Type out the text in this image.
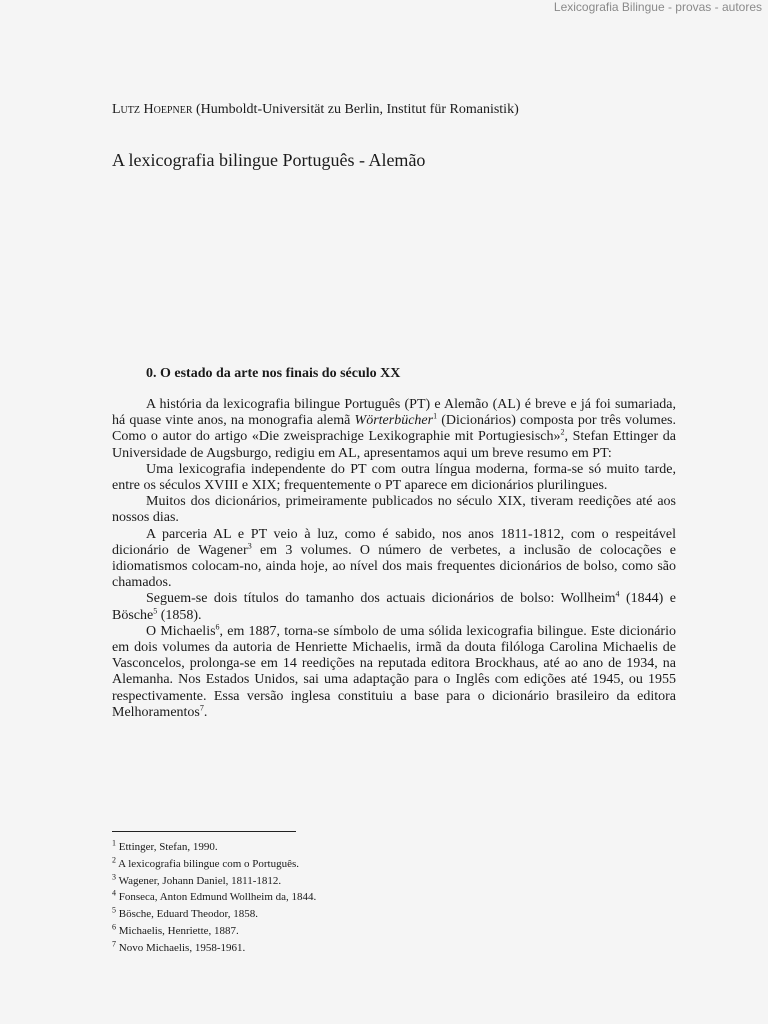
Lexicografia Bilingue - provas - autores
Lutz Hoepner (Humboldt-Universität zu Berlin, Institut für Romanistik)
A lexicografia bilingue Português - Alemão
0. O estado da arte nos finais do século XX

A história da lexicografia bilingue Português (PT) e Alemão (AL) é breve e já foi sumariada, há quase vinte anos, na monografia alemã Wörterbücher$^1$ (Dicionários) composta por três volumes. Como o autor do artigo «Die zweisprachige Lexikographie mit Portugiesisch»$^2$, Stefan Ettinger da Universidade de Augsburgo, redigiu em AL, apresentamos aqui um breve resumo em PT:

Uma lexicografia independente do PT com outra língua moderna, forma-se só muito tarde, entre os séculos XVIII e XIX; frequentemente o PT aparece em dicionários plurilingues.

Muitos dos dicionários, primeiramente publicados no século XIX, tiveram reedições até aos nossos dias.

A parceria AL e PT veio à luz, como é sabido, nos anos 1811-1812, com o respeitável dicionário de Wagener$^3$ em 3 volumes. O número de verbetes, a inclusão de colocações e idiomatismos colocam-no, ainda hoje, ao nível dos mais frequentes dicionários de bolso, como são chamados.

Seguem-se dois títulos do tamanho dos actuais dicionários de bolso: Wollheim$^4$ (1844) e Bösche$^5$ (1858).

O Michaelis$^6$, em 1887, torna-se símbolo de uma sólida lexicografia bilingue. Este dicionário em dois volumes da autoria de Henriette Michaelis, irmã da douta filóloga Carolina Michaelis de Vasconcelos, prolonga-se em 14 reedições na reputada editora Brockhaus, até ao ano de 1934, na Alemanha. Nos Estados Unidos, sai uma adaptação para o Inglês com edições até 1945, ou 1955 respectivamente. Essa versão inglesa constituiu a base para o dicionário brasileiro da editora Melhoramentos$^7$.

$^1$ Ettinger, Stefan, 1990.
$^2$ A lexicografia bilingue com o Português.
$^3$ Wagener, Johann Daniel, 1811-1812.
$^4$ Fonseca, Anton Edmund Wollheim da, 1844.
$^5$ Bösche, Eduard Theodor, 1858.
$^6$ Michaelis, Henriette, 1887.
$^7$ Novo Michaelis, 1958-1961.
